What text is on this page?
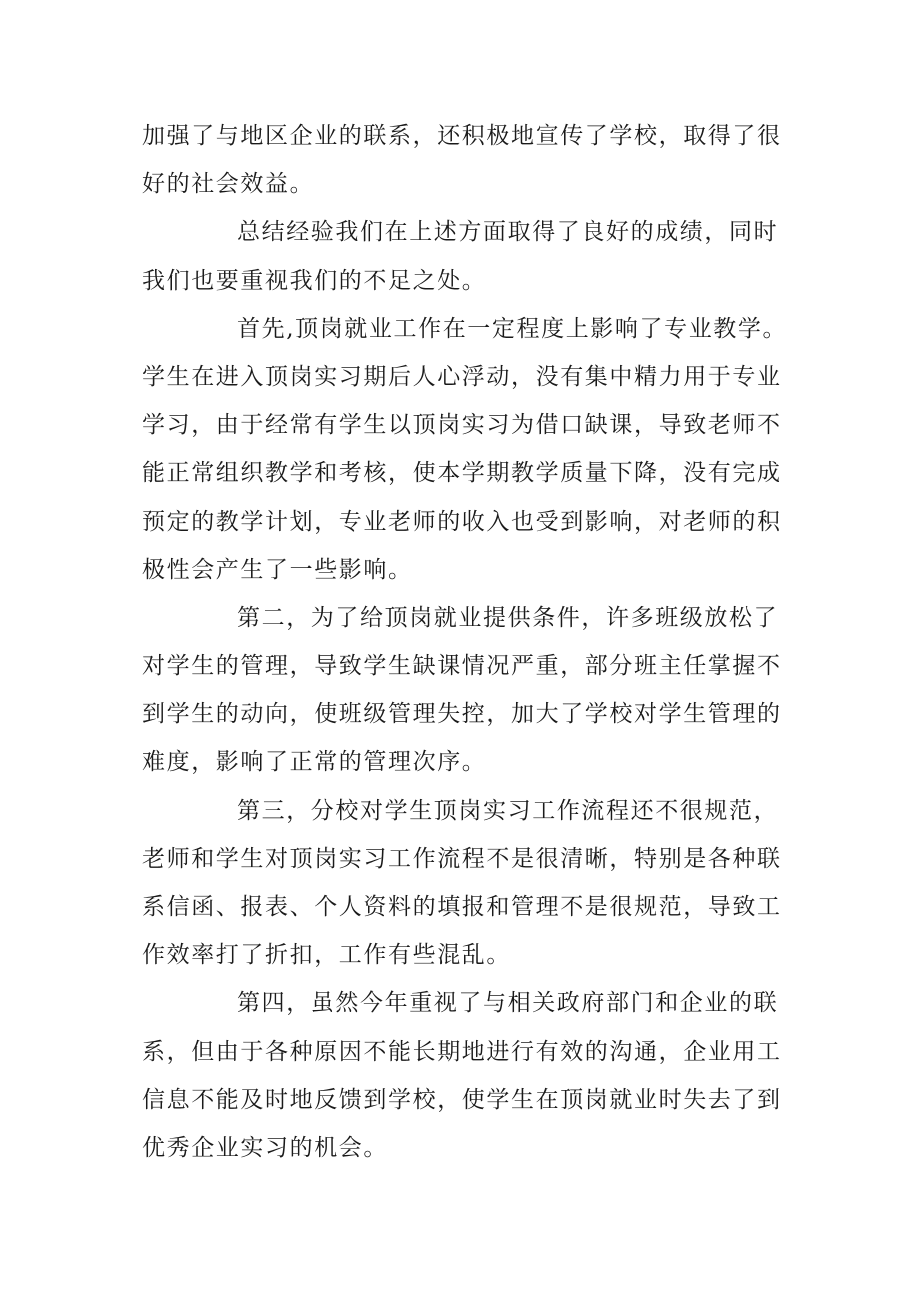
加强了与地区企业的联系，还积极地宣传了学校，取得了很
好的社会效益。
总结经验我们在上述方面取得了良好的成绩，同时
我们也要重视我们的不足之处。
首先,顶岗就业工作在一定程度上影响了专业教学。
学生在进入顶岗实习期后人心浮动，没有集中精力用于专业
学习，由于经常有学生以顶岗实习为借口缺课，导致老师不
能正常组织教学和考核，使本学期教学质量下降，没有完成
预定的教学计划，专业老师的收入也受到影响，对老师的积
极性会产生了一些影响。
第二，为了给顶岗就业提供条件，许多班级放松了
对学生的管理，导致学生缺课情况严重，部分班主任掌握不
到学生的动向，使班级管理失控，加大了学校对学生管理的
难度，影响了正常的管理次序。
第三，分校对学生顶岗实习工作流程还不很规范，
老师和学生对顶岗实习工作流程不是很清晰，特别是各种联
系信函、报表、个人资料的填报和管理不是很规范，导致工
作效率打了折扣，工作有些混乱。
第四，虽然今年重视了与相关政府部门和企业的联
系，但由于各种原因不能长期地进行有效的沟通，企业用工
信息不能及时地反馈到学校，使学生在顶岗就业时失去了到
优秀企业实习的机会。
